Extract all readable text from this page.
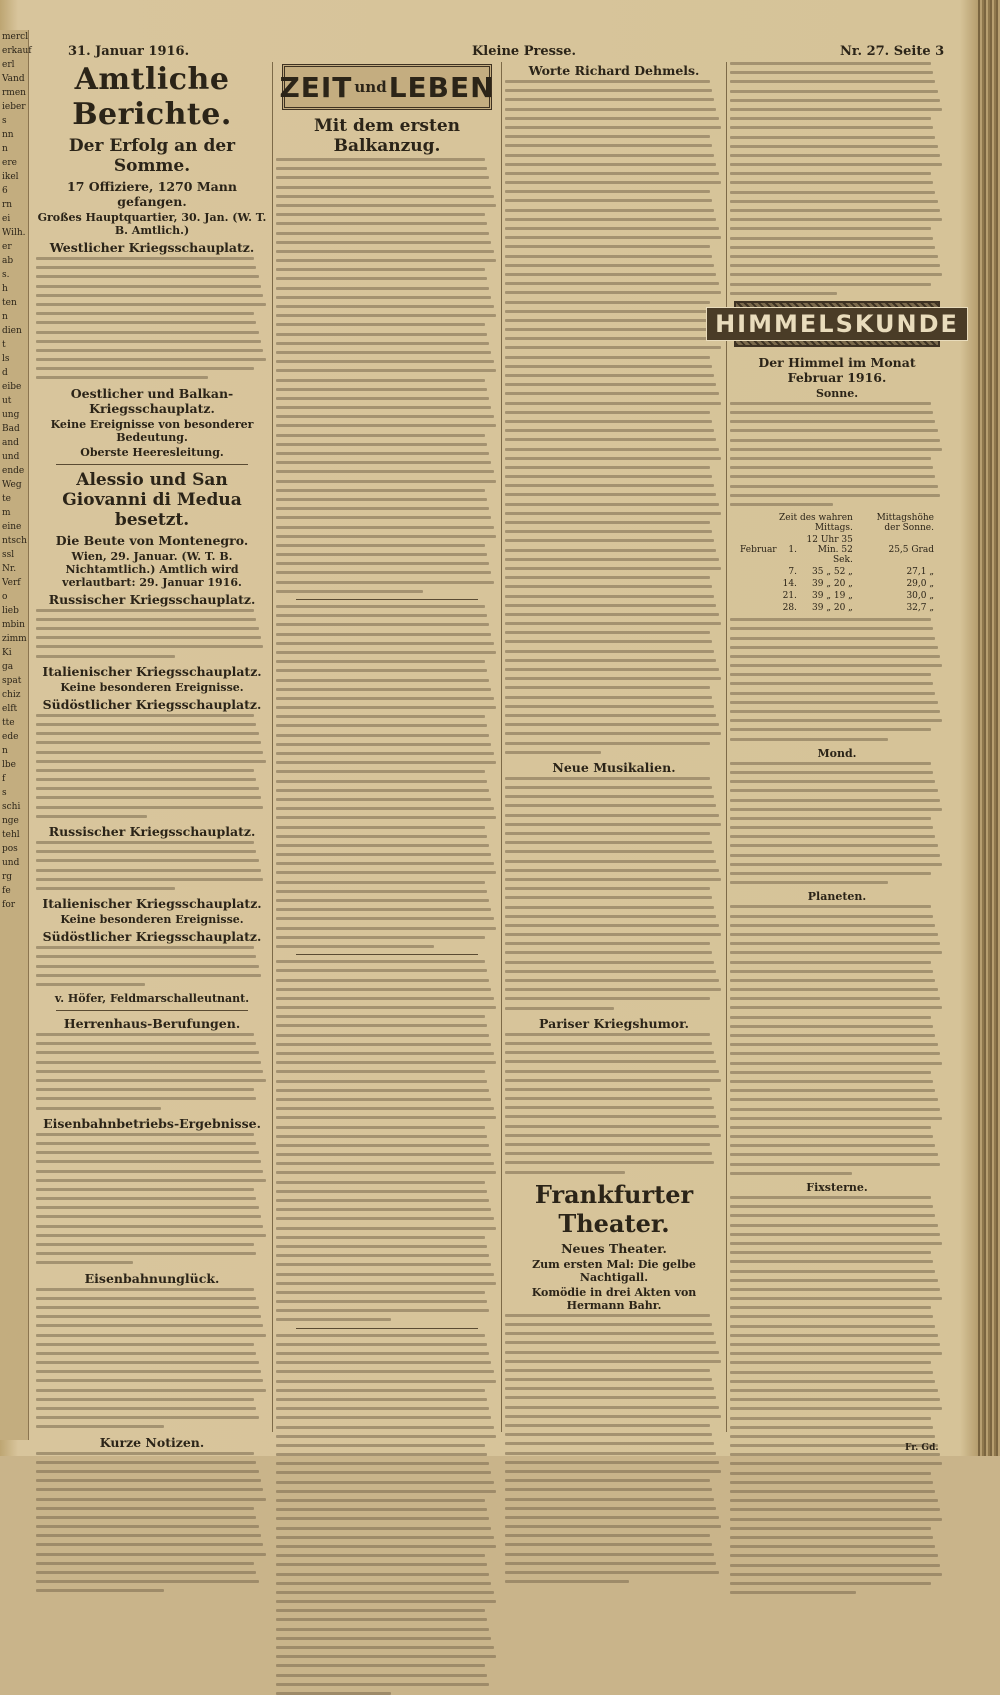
mercl
erkauf
erl
Vand
rmen
ieber
s
nn
n
ere
ikel
6
rn
ei
Wilh.
er
ab
s.
h
ten
n
dien
t
ls
d
eibe
ut
ung
Bad
and
und
ende
Weg
te
m
eine
ntsch
ssl
Nr.
Verf
o
lieb
mbin
zimm
Ki
ga
spat
chiz
elft
tte
ede
n
lbe
f
s
schi
nge
tehl
pos
und
rg
fe
for
31. Januar 1916.	Kleine Presse.	Nr. 27. Seite 3
Amtliche Berichte.
Der Erfolg an der Somme.
17 Offiziere, 1270 Mann gefangen.
Großes Hauptquartier, 30. Jan. (W. T. B. Amtlich.)
Westlicher Kriegsschauplatz.
Oestlicher und Balkan-Kriegsschauplatz.
Keine Ereignisse von besonderer Bedeutung.
Oberste Heeresleitung.
Alessio und San Giovanni di Medua besetzt.
Die Beute von Montenegro.
Wien, 29. Januar. (W. T. B. Nichtamtlich.) Amtlich wird verlautbart: 29. Januar 1916.
Russischer Kriegsschauplatz.
Italienischer Kriegsschauplatz.
Keine besonderen Ereignisse.
Südöstlicher Kriegsschauplatz.
Russischer Kriegsschauplatz.
Italienischer Kriegsschauplatz.
Keine besonderen Ereignisse.
Südöstlicher Kriegsschauplatz.
v. Höfer, Feldmarschalleutnant.
Herrenhaus-Berufungen.
Eisenbahnbetriebs-Ergebnisse.
Eisenbahnunglück.
Kurze Notizen.
ZEIT und LEBEN
Mit dem ersten Balkanzug.
Worte Richard Dehmels.
Neue Musikalien.
Pariser Kriegshumor.
Frankfurter Theater.
Neues Theater.
Zum ersten Mal: Die gelbe Nachtigall.
Komödie in drei Akten von Hermann Bahr.
HIMMELSKUNDE
Der Himmel im Monat Februar 1916.
Sonne.
Zeit des wahren Mittags.			Mittagshöhe der Sonne.
Februar	1.	12 Uhr 35 Min. 52 Sek.	25,5 Grad
	7.	35 „ 52 „	27,1 „
	14.	39 „ 20 „	29,0 „
	21.	39 „ 19 „	30,0 „
	28.	39 „ 20 „	32,7 „
Mond.
Planeten.
Fixsterne.
Fr. Gd.
